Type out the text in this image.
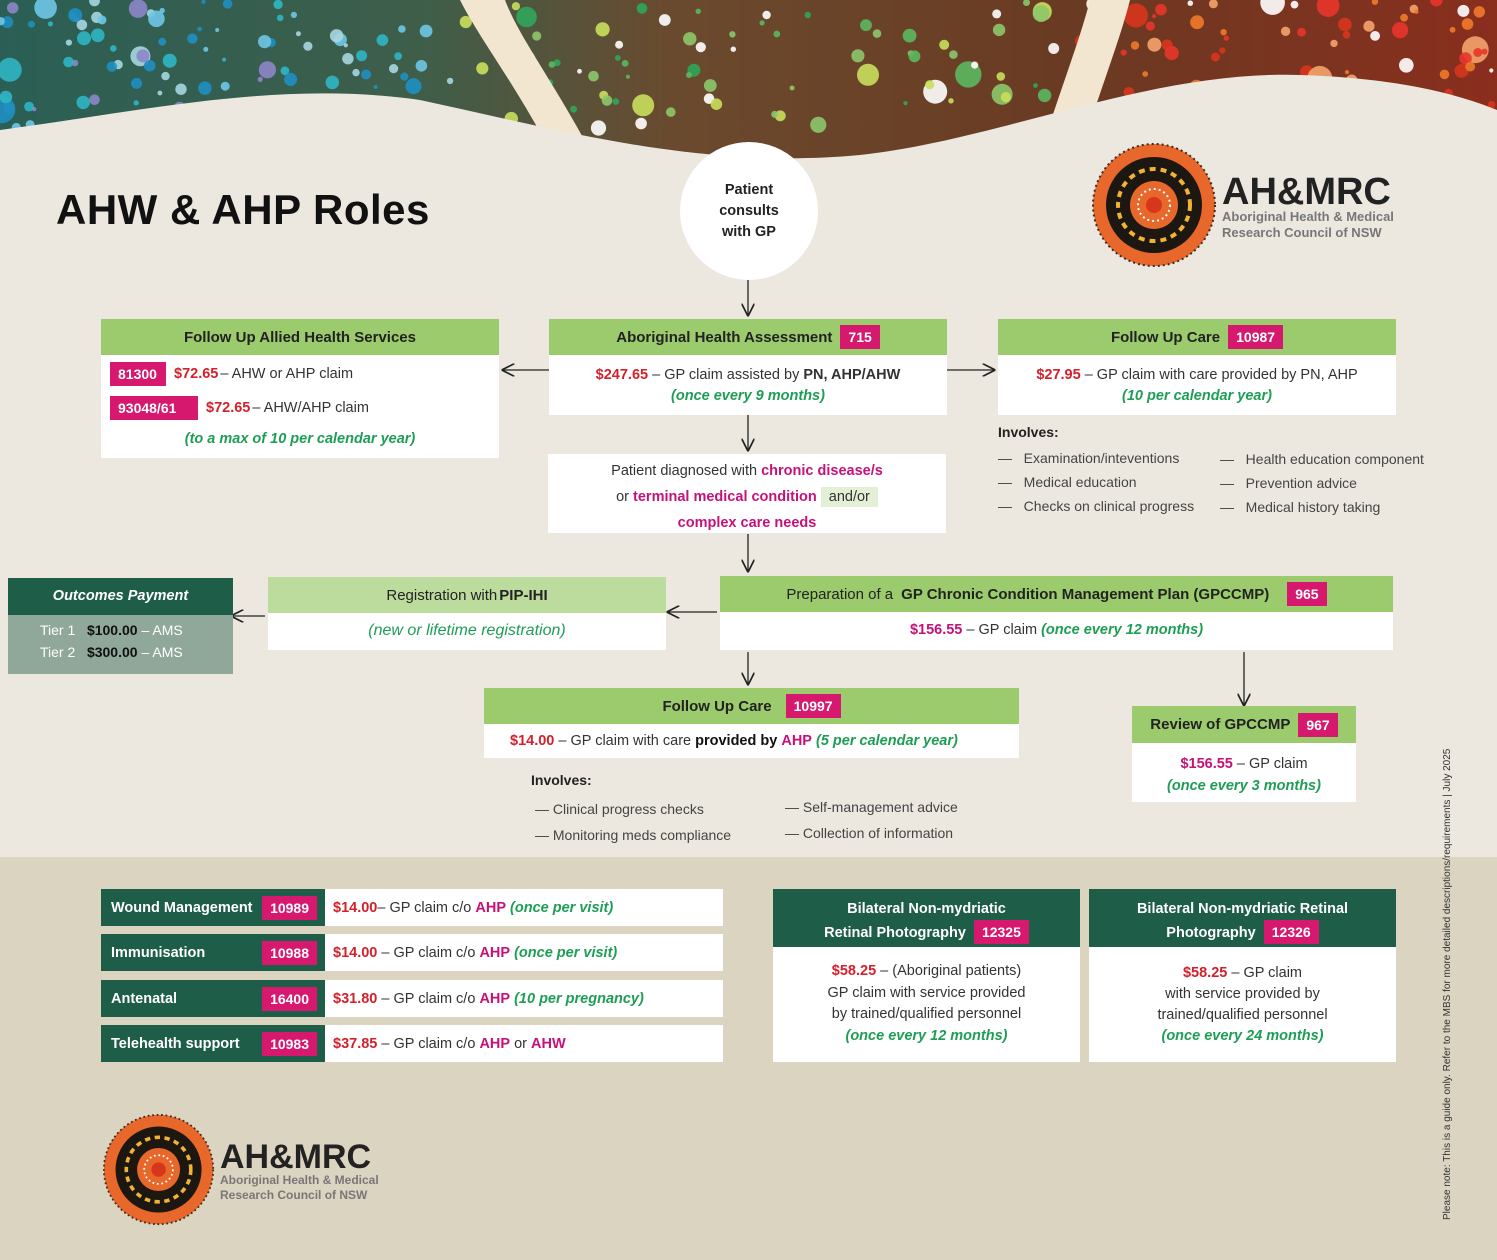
AHW & AHP Roles	Patient consults with GP
AH&MRC
Aboriginal Health & Medical
Research Council of NSW
Aboriginal Health Assessment	715
$247.65 – GP claim assisted by PN, AHP/AHW
(once every 9 months)
Follow Up Allied Health Services
81300	$72.65 – AHW or AHP claim
93048/61	$72.65 – AHW/AHP claim
(to a max of 10 per calendar year)
Follow Up Care	10987
$27.95 – GP claim with care provided by PN, AHP
(10 per calendar year)
Involves:
—   Examination/inteventions
—   Medical education
—   Checks on clinical progress
—   Health education component
—   Prevention advice
—   Medical history taking
Patient diagnosed with chronic disease/s
or terminal medical condition and/or
complex care needs
Outcomes Payment
Tier 1 $100.00 – AMS
Tier 2 $300.00 – AMS
Registration with PIP-IHI
(new or lifetime registration)
Preparation of a GP Chronic Condition Management Plan (GPCCMP)	965
$156.55 – GP claim (once every 12 months)
Follow Up Care	10997
$14.00 – GP claim with care provided by AHP (5 per calendar year)
Involves:
— Clinical progress checks
— Monitoring meds compliance
— Self-management advice
— Collection of information
Review of GPCCMP	967
$156.55 – GP claim
(once every 3 months)
Wound Management	10989	$14.00– GP claim c/o AHP (once per visit)
Immunisation	10988	$14.00 – GP claim c/o AHP (once per visit)
Antenatal	16400	$31.80 – GP claim c/o AHP (10 per pregnancy)
Telehealth support	10983	$37.85 – GP claim c/o AHP or AHW
Bilateral Non-mydriatic
Retinal Photography 12325
$58.25 – (Aboriginal patients)
GP claim with service provided
by trained/qualified personnel
(once every 12 months)
Bilateral Non-mydriatic Retinal
Photography 12326
$58.25 – GP claim
with service provided by
trained/qualified personnel
(once every 24 months)
AH&MRC
Aboriginal Health & Medical
Research Council of NSW	Please note: This is a guide only. Refer to the MBS for more detailed descriptions/requirements | July 2025
